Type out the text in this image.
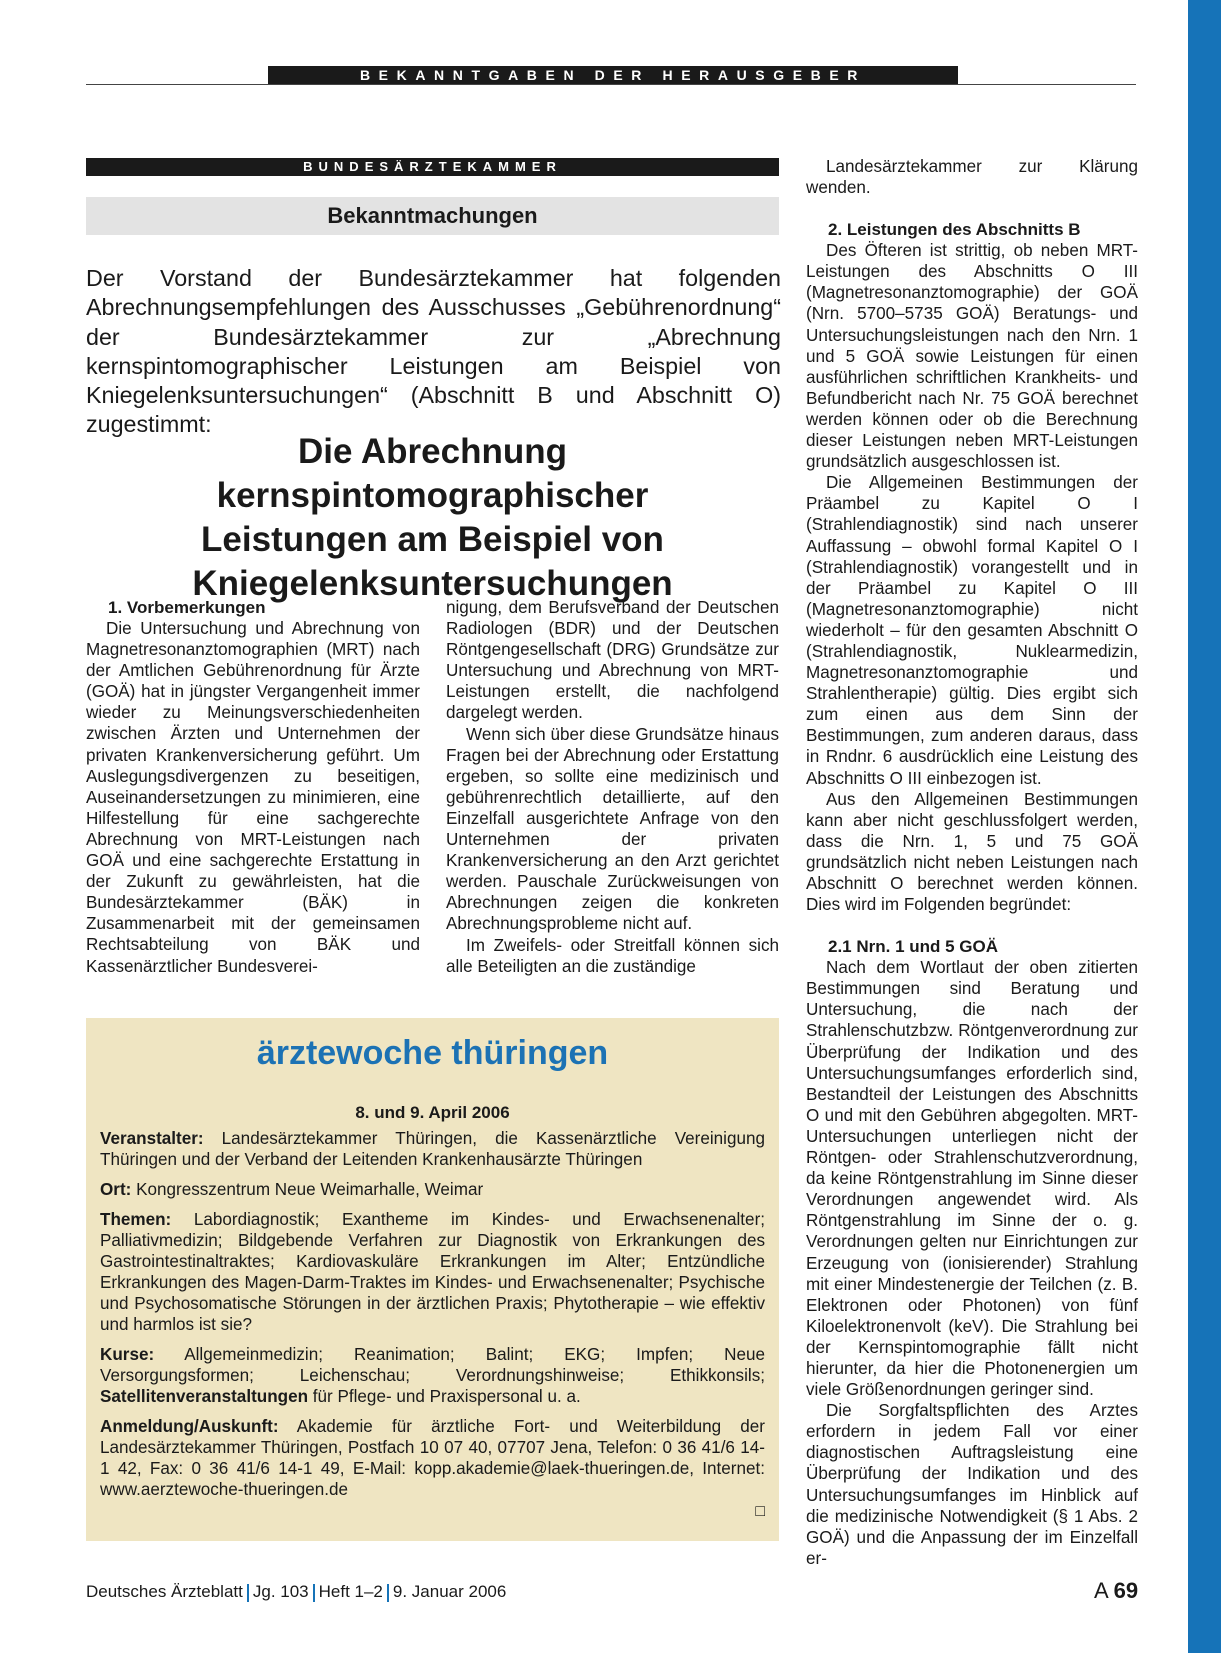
BEKANNTGABEN DER HERAUSGEBER
BUNDESÄRZTEKAMMER
Bekanntmachungen
Der Vorstand der Bundesärztekammer hat folgenden Abrechnungsempfehlungen des Ausschusses „Gebührenordnung“ der Bundesärztekammer zur „Abrechnung kernspintomographischer Leistungen am Beispiel von Kniegelenksuntersuchungen“ (Abschnitt B und Abschnitt O) zugestimmt:
Die Abrechnung kernspintomographischer
Leistungen am Beispiel von
Kniegelenksuntersuchungen
1. Vorbemerkungen

Die Untersuchung und Abrechnung von Magnetresonanztomographien (MRT) nach der Amtlichen Gebührenordnung für Ärzte (GOÄ) hat in jüngster Vergangenheit immer wieder zu Meinungsverschiedenheiten zwischen Ärzten und Unternehmen der privaten Krankenversicherung geführt. Um Auslegungsdivergenzen zu beseitigen, Auseinandersetzungen zu minimieren, eine Hilfestellung für eine sachgerechte Abrechnung von MRT-Leistungen nach GOÄ und eine sachgerechte Erstattung in der Zukunft zu gewährleisten, hat die Bundesärztekammer (BÄK) in Zusammenarbeit mit der gemeinsamen Rechtsabteilung von BÄK und Kassenärztlicher Bundesverei-

nigung, dem Berufsverband der Deutschen Radiologen (BDR) und der Deutschen Röntgengesellschaft (DRG) Grundsätze zur Untersuchung und Abrechnung von MRT-Leistungen erstellt, die nachfolgend dargelegt werden.

Wenn sich über diese Grundsätze hinaus Fragen bei der Abrechnung oder Erstattung ergeben, so sollte eine medizinisch und gebührenrechtlich detaillierte, auf den Einzelfall ausgerichtete Anfrage von den Unternehmen der privaten Krankenversicherung an den Arzt gerichtet werden. Pauschale Zurückweisungen von Abrechnungen zeigen die konkreten Abrechnungsprobleme nicht auf.

Im Zweifels- oder Streitfall können sich alle Beteiligten an die zuständige

Landesärztekammer zur Klärung wenden.

2. Leistungen des Abschnitts B

Des Öfteren ist strittig, ob neben MRT-Leistungen des Abschnitts O III (Magnetresonanztomographie) der GOÄ (Nrn. 5700–5735 GOÄ) Beratungs- und Untersuchungsleistungen nach den Nrn. 1 und 5 GOÄ sowie Leistungen für einen ausführlichen schriftlichen Krankheits- und Befundbericht nach Nr. 75 GOÄ berechnet werden können oder ob die Berechnung dieser Leistungen neben MRT-Leistungen grundsätzlich ausgeschlossen ist.

Die Allgemeinen Bestimmungen der Präambel zu Kapitel O I (Strahlendiagnostik) sind nach unserer Auffassung – obwohl formal Kapitel O I (Strahlendiagnostik) vorangestellt und in der Präambel zu Kapitel O III (Magnetresonanztomographie) nicht wiederholt – für den gesamten Abschnitt O (Strahlendiagnostik, Nuklearmedizin, Magnetresonanztomographie und Strahlentherapie) gültig. Dies ergibt sich zum einen aus dem Sinn der Bestimmungen, zum anderen daraus, dass in Rndnr. 6 ausdrücklich eine Leistung des Abschnitts O III einbezogen ist.

Aus den Allgemeinen Bestimmungen kann aber nicht geschlussfolgert werden, dass die Nrn. 1, 5 und 75 GOÄ grundsätzlich nicht neben Leistungen nach Abschnitt O berechnet werden können. Dies wird im Folgenden begründet:

2.1 Nrn. 1 und 5 GOÄ

Nach dem Wortlaut der oben zitierten Bestimmungen sind Beratung und Untersuchung, die nach der Strahlenschutzbzw. Röntgenverordnung zur Überprüfung der Indikation und des Untersuchungsumfanges erforderlich sind, Bestandteil der Leistungen des Abschnitts O und mit den Gebühren abgegolten. MRT-Untersuchungen unterliegen nicht der Röntgen- oder Strahlenschutzverordnung, da keine Röntgenstrahlung im Sinne dieser Verordnungen angewendet wird. Als Röntgenstrahlung im Sinne der o. g. Verordnungen gelten nur Einrichtungen zur Erzeugung von (ionisierender) Strahlung mit einer Mindestenergie der Teilchen (z. B. Elektronen oder Photonen) von fünf Kiloelektronenvolt (keV). Die Strahlung bei der Kernspintomographie fällt nicht hierunter, da hier die Photonenergien um viele Größenordnungen geringer sind.

Die Sorgfaltspflichten des Arztes erfordern in jedem Fall vor einer diagnostischen Auftragsleistung eine Überprüfung der Indikation und des Untersuchungsumfanges im Hinblick auf die medizinische Notwendigkeit (§ 1 Abs. 2 GOÄ) und die Anpassung der im Einzelfall er-

ärztewoche thüringen
8. und 9. April 2006

Veranstalter: Landesärztekammer Thüringen, die Kassenärztliche Vereinigung Thüringen und der Verband der Leitenden Krankenhausärzte Thüringen

Ort: Kongresszentrum Neue Weimarhalle, Weimar

Themen: Labordiagnostik; Exantheme im Kindes- und Erwachsenenalter; Palliativmedizin; Bildgebende Verfahren zur Diagnostik von Erkrankungen des Gastrointestinaltraktes; Kardiovaskuläre Erkrankungen im Alter; Entzündliche Erkrankungen des Magen-Darm-Traktes im Kindes- und Erwachsenenalter; Psychische und Psychosomatische Störungen in der ärztlichen Praxis; Phytotherapie – wie effektiv und harmlos ist sie?

Kurse: Allgemeinmedizin; Reanimation; Balint; EKG; Impfen; Neue Versorgungsformen; Leichenschau; Verordnungshinweise; Ethikkonsils; Satellitenveranstaltungen für Pflege- und Praxispersonal u. a.

Anmeldung/Auskunft: Akademie für ärztliche Fort- und Weiterbildung der Landesärztekammer Thüringen, Postfach 10 07 40, 07707 Jena, Telefon: 0 36 41/6 14-1 42, Fax: 0 36 41/6 14-1 49, E-Mail: kopp.akademie@laek-thueringen.de, Internet: www.aerztewoche-thueringen.de

□
Deutsches Ärzteblatt Jg. 103 Heft 1–2 9. Januar 2006	A 69
